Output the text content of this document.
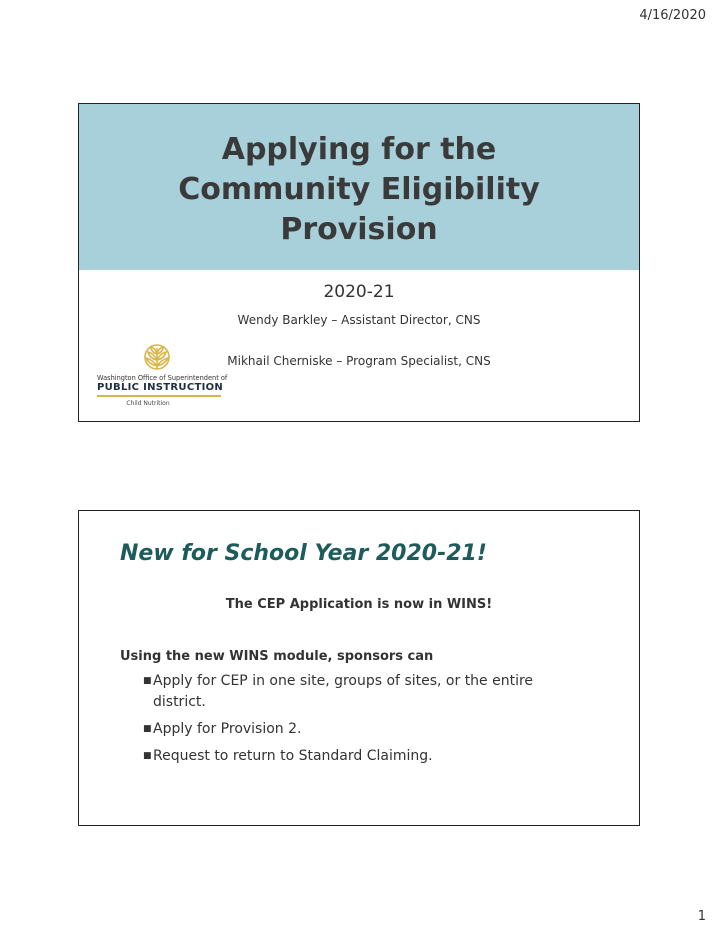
4/16/2020
Applying for the
Community Eligibility
Provision
2020-21
Wendy Barkley – Assistant Director, CNS
Mikhail Cherniske – Program Specialist, CNS
Washington Office of Superintendent of
PUBLIC INSTRUCTION
Child Nutrition
New for School Year 2020-21!
The CEP Application is now in WINS!
Using the new WINS module, sponsors can
■ Apply for CEP in one site, groups of sites, or the entire district.
■ Apply for Provision 2.
■ Request to return to Standard Claiming.
1
